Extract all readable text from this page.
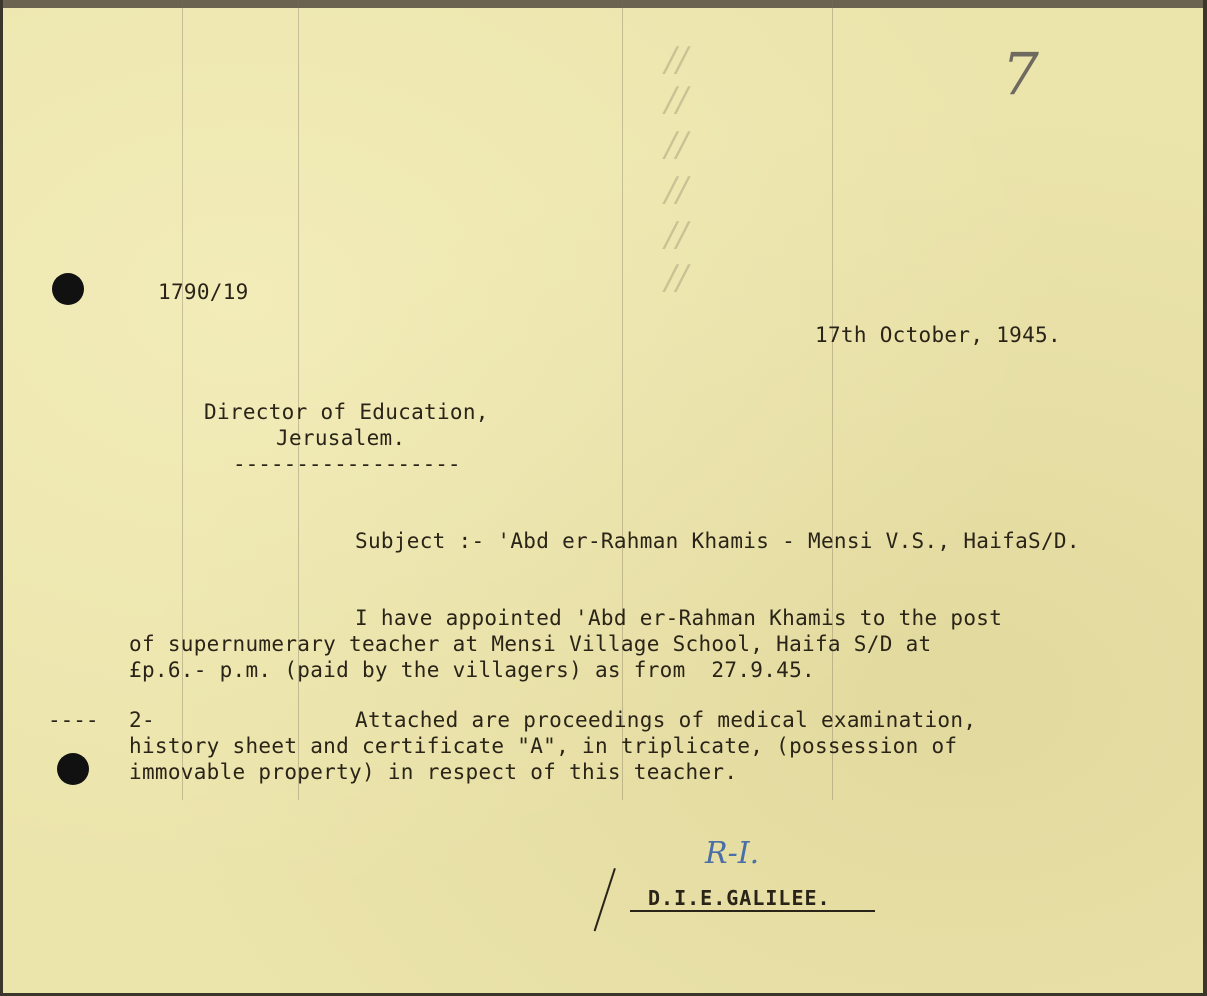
//
//
//
//
//
//
7
1790/19
17th October, 1945.
Director of Education,
Jerusalem.
------------------
Subject :- 'Abd er-Rahman Khamis - Mensi V.S., HaifaS/D.
I have appointed 'Abd er-Rahman Khamis to the post
of supernumerary teacher at Mensi Village School, Haifa S/D at
£p.6.- p.m. (paid by the villagers) as from  27.9.45.
---- 2-	Attached are proceedings of medical examination,
history sheet and certificate "A", in triplicate, (possession of
immovable property) in respect of this teacher.
R-I.
D.I.E.GALILEE.
